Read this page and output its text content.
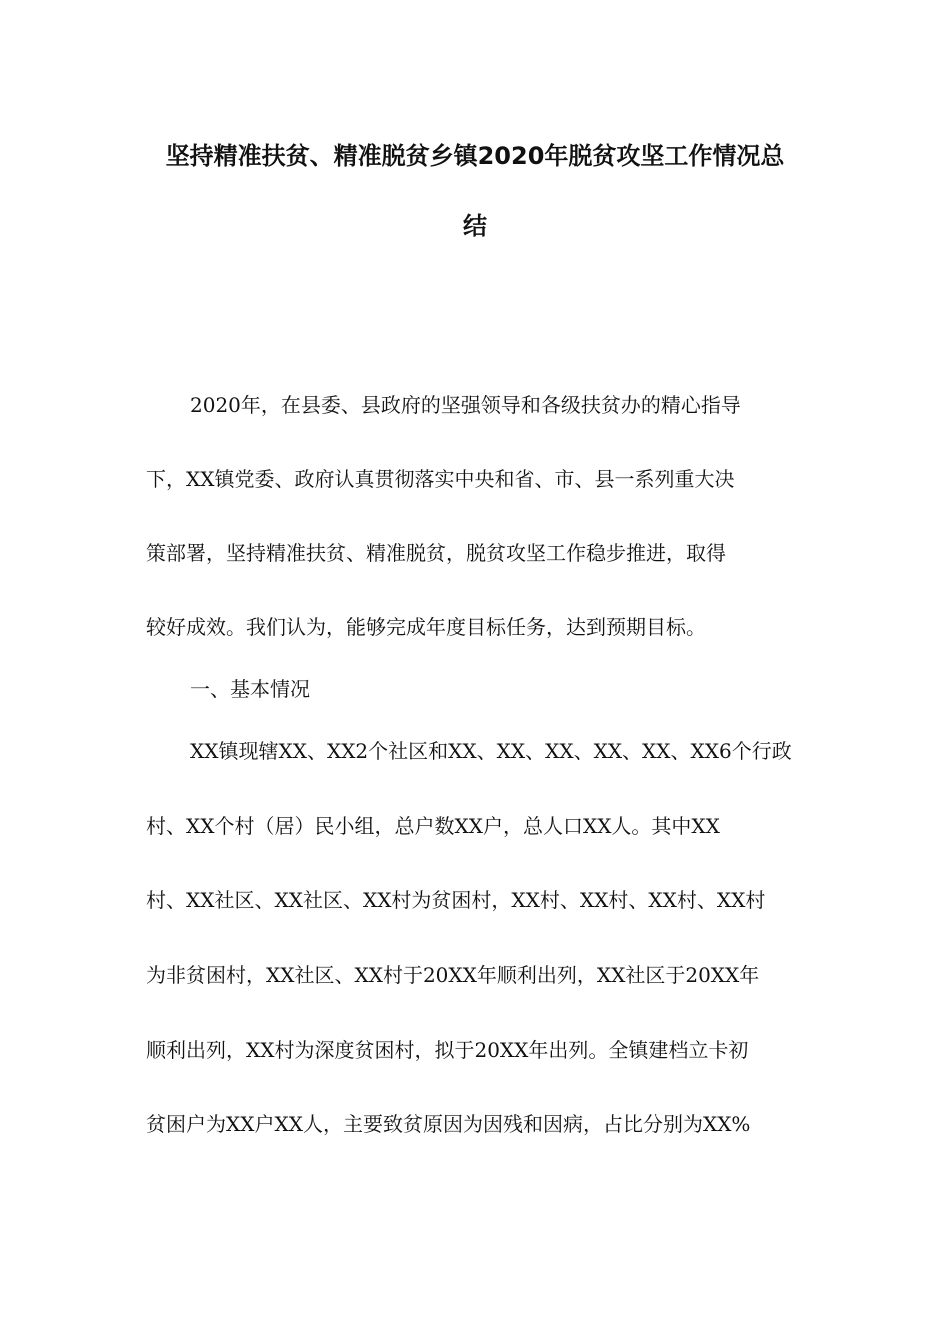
坚持精准扶贫、精准脱贫乡镇2020年脱贫攻坚工作情况总
结
2020年，在县委、县政府的坚强领导和各级扶贫办的精心指导
下，XX镇党委、政府认真贯彻落实中央和省、市、县一系列重大决
策部署，坚持精准扶贫、精准脱贫，脱贫攻坚工作稳步推进，取得
较好成效。我们认为，能够完成年度目标任务，达到预期目标。
一、基本情况
XX镇现辖XX、XX2个社区和XX、XX、XX、XX、XX、XX6个行政
村、XX个村（居）民小组，总户数XX户，总人口XX人。其中XX
村、XX社区、XX社区、XX村为贫困村，XX村、XX村、XX村、XX村
为非贫困村，XX社区、XX村于20XX年顺利出列，XX社区于20XX年
顺利出列，XX村为深度贫困村，拟于20XX年出列。全镇建档立卡初
贫困户为XX户XX人，主要致贫原因为因残和因病，占比分别为XX%
